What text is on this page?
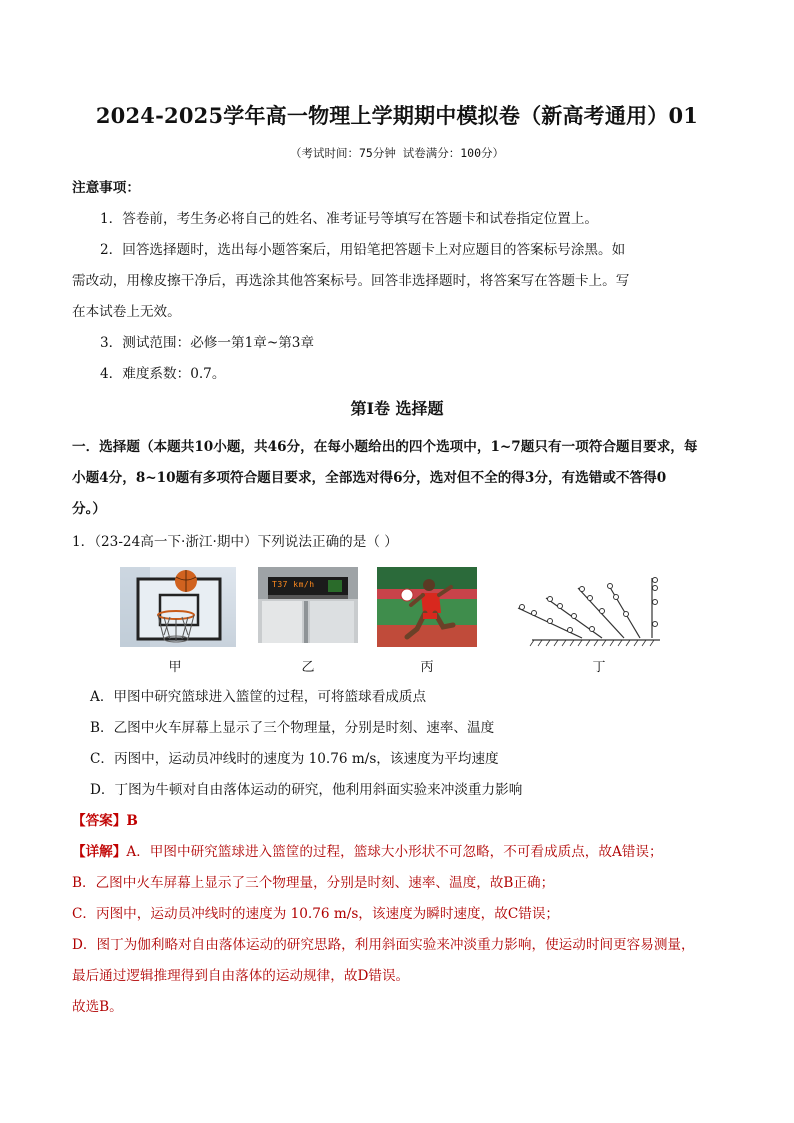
2024-2025学年高一物理上学期期中模拟卷（新高考通用）01
（考试时间：75分钟 试卷满分：100分）
注意事项：
1．答卷前，考生务必将自己的姓名、准考证号等填写在答题卡和试卷指定位置上。
2．回答选择题时，选出每小题答案后，用铅笔把答题卡上对应题目的答案标号涂黑。如
需改动，用橡皮擦干净后，再选涂其他答案标号。回答非选择题时，将答案写在答题卡上。写
在本试卷上无效。
3．测试范围：必修一第1章~第3章
4．难度系数：0.7。
第Ⅰ卷 选择题
一．选择题（本题共10小题，共46分，在每小题给出的四个选项中，1~7题只有一项符合题目要求，每
小题4分，8~10题有多项符合题目要求，全部选对得6分，选对但不全的得3分，有选错或不答得0
分。）
1．（23-24高一下·浙江·期中）下列说法正确的是（ ）
甲
T37 km/h
乙	丙	丁
A．甲图中研究篮球进入篮筐的过程，可将篮球看成质点
B．乙图中火车屏幕上显示了三个物理量，分别是时刻、速率、温度
C．丙图中，运动员冲线时的速度为 10.76 m/s，该速度为平均速度
D．丁图为牛顿对自由落体运动的研究，他利用斜面实验来冲淡重力影响
【答案】B
【详解】A．甲图中研究篮球进入篮筐的过程，篮球大小形状不可忽略，不可看成质点，故A错误；
B．乙图中火车屏幕上显示了三个物理量，分别是时刻、速率、温度，故B正确；
C．丙图中，运动员冲线时的速度为 10.76 m/s，该速度为瞬时速度，故C错误；
D．图丁为伽利略对自由落体运动的研究思路，利用斜面实验来冲淡重力影响，使运动时间更容易测量，
最后通过逻辑推理得到自由落体的运动规律，故D错误。
故选B。
